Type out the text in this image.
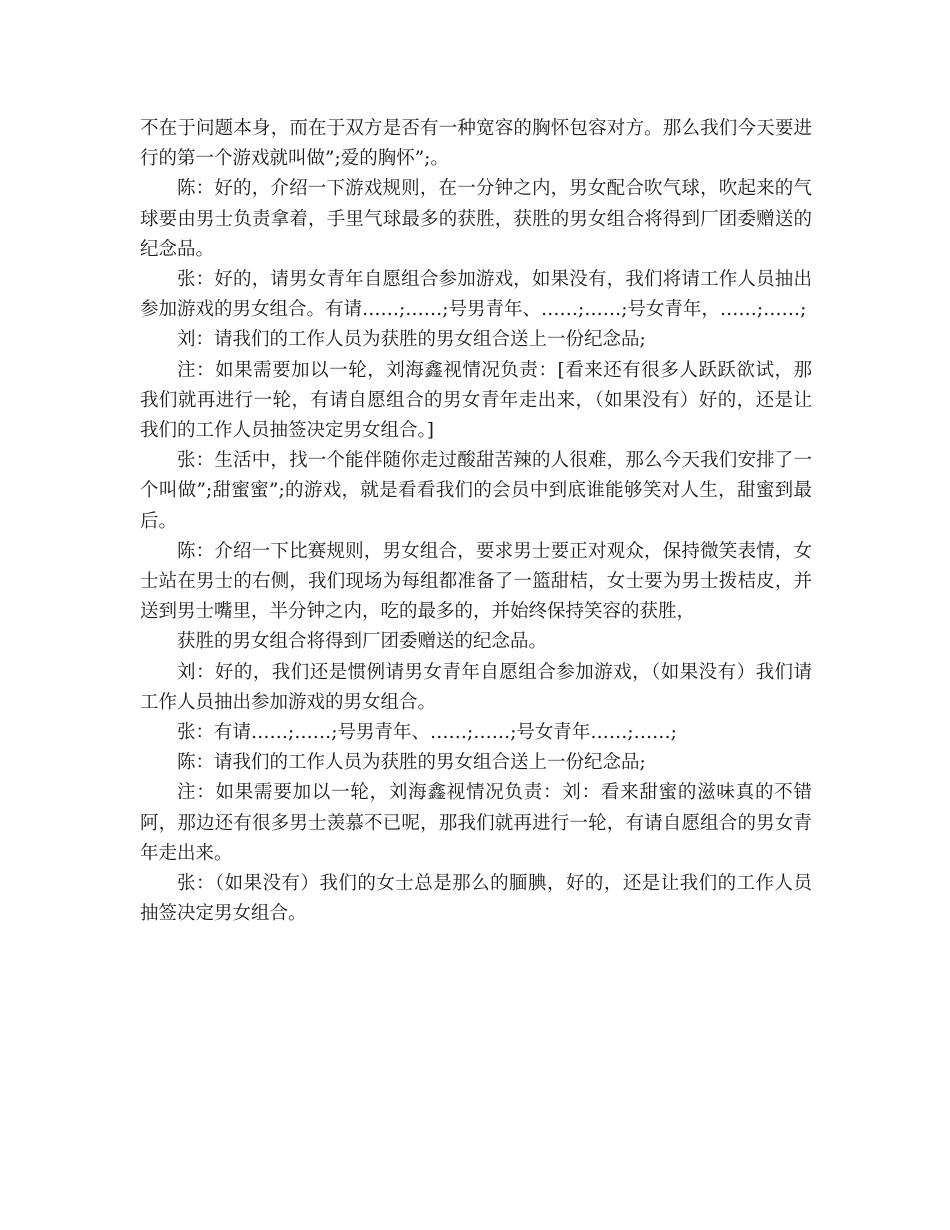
不在于问题本身，而在于双方是否有一种宽容的胸怀包容对方。那么我们今天要进行的第一个游戏就叫做”;爱的胸怀”;。

陈：好的，介绍一下游戏规则，在一分钟之内，男女配合吹气球，吹起来的气球要由男士负责拿着，手里气球最多的获胜，获胜的男女组合将得到厂团委赠送的纪念品。

张：好的，请男女青年自愿组合参加游戏，如果没有，我们将请工作人员抽出参加游戏的男女组合。有请……;……;号男青年、……;……;号女青年，……;……;

刘：请我们的工作人员为获胜的男女组合送上一份纪念品;

注：如果需要加以一轮，刘海鑫视情况负责：[看来还有很多人跃跃欲试，那我们就再进行一轮，有请自愿组合的男女青年走出来，（如果没有）好的，还是让我们的工作人员抽签决定男女组合。]

张：生活中，找一个能伴随你走过酸甜苦辣的人很难，那么今天我们安排了一个叫做”;甜蜜蜜”;的游戏，就是看看我们的会员中到底谁能够笑对人生，甜蜜到最后。

陈：介绍一下比赛规则，男女组合，要求男士要正对观众，保持微笑表情，女士站在男士的右侧，我们现场为每组都准备了一篮甜桔，女士要为男士拨桔皮，并送到男士嘴里，半分钟之内，吃的最多的，并始终保持笑容的获胜，

获胜的男女组合将得到厂团委赠送的纪念品。

刘：好的，我们还是惯例请男女青年自愿组合参加游戏，（如果没有）我们请工作人员抽出参加游戏的男女组合。

张：有请……;……;号男青年、……;……;号女青年……;……;

陈：请我们的工作人员为获胜的男女组合送上一份纪念品;

注：如果需要加以一轮，刘海鑫视情况负责：刘：看来甜蜜的滋味真的不错阿，那边还有很多男士羡慕不已呢，那我们就再进行一轮，有请自愿组合的男女青年走出来。

张：（如果没有）我们的女士总是那么的腼腆，好的，还是让我们的工作人员抽签决定男女组合。
